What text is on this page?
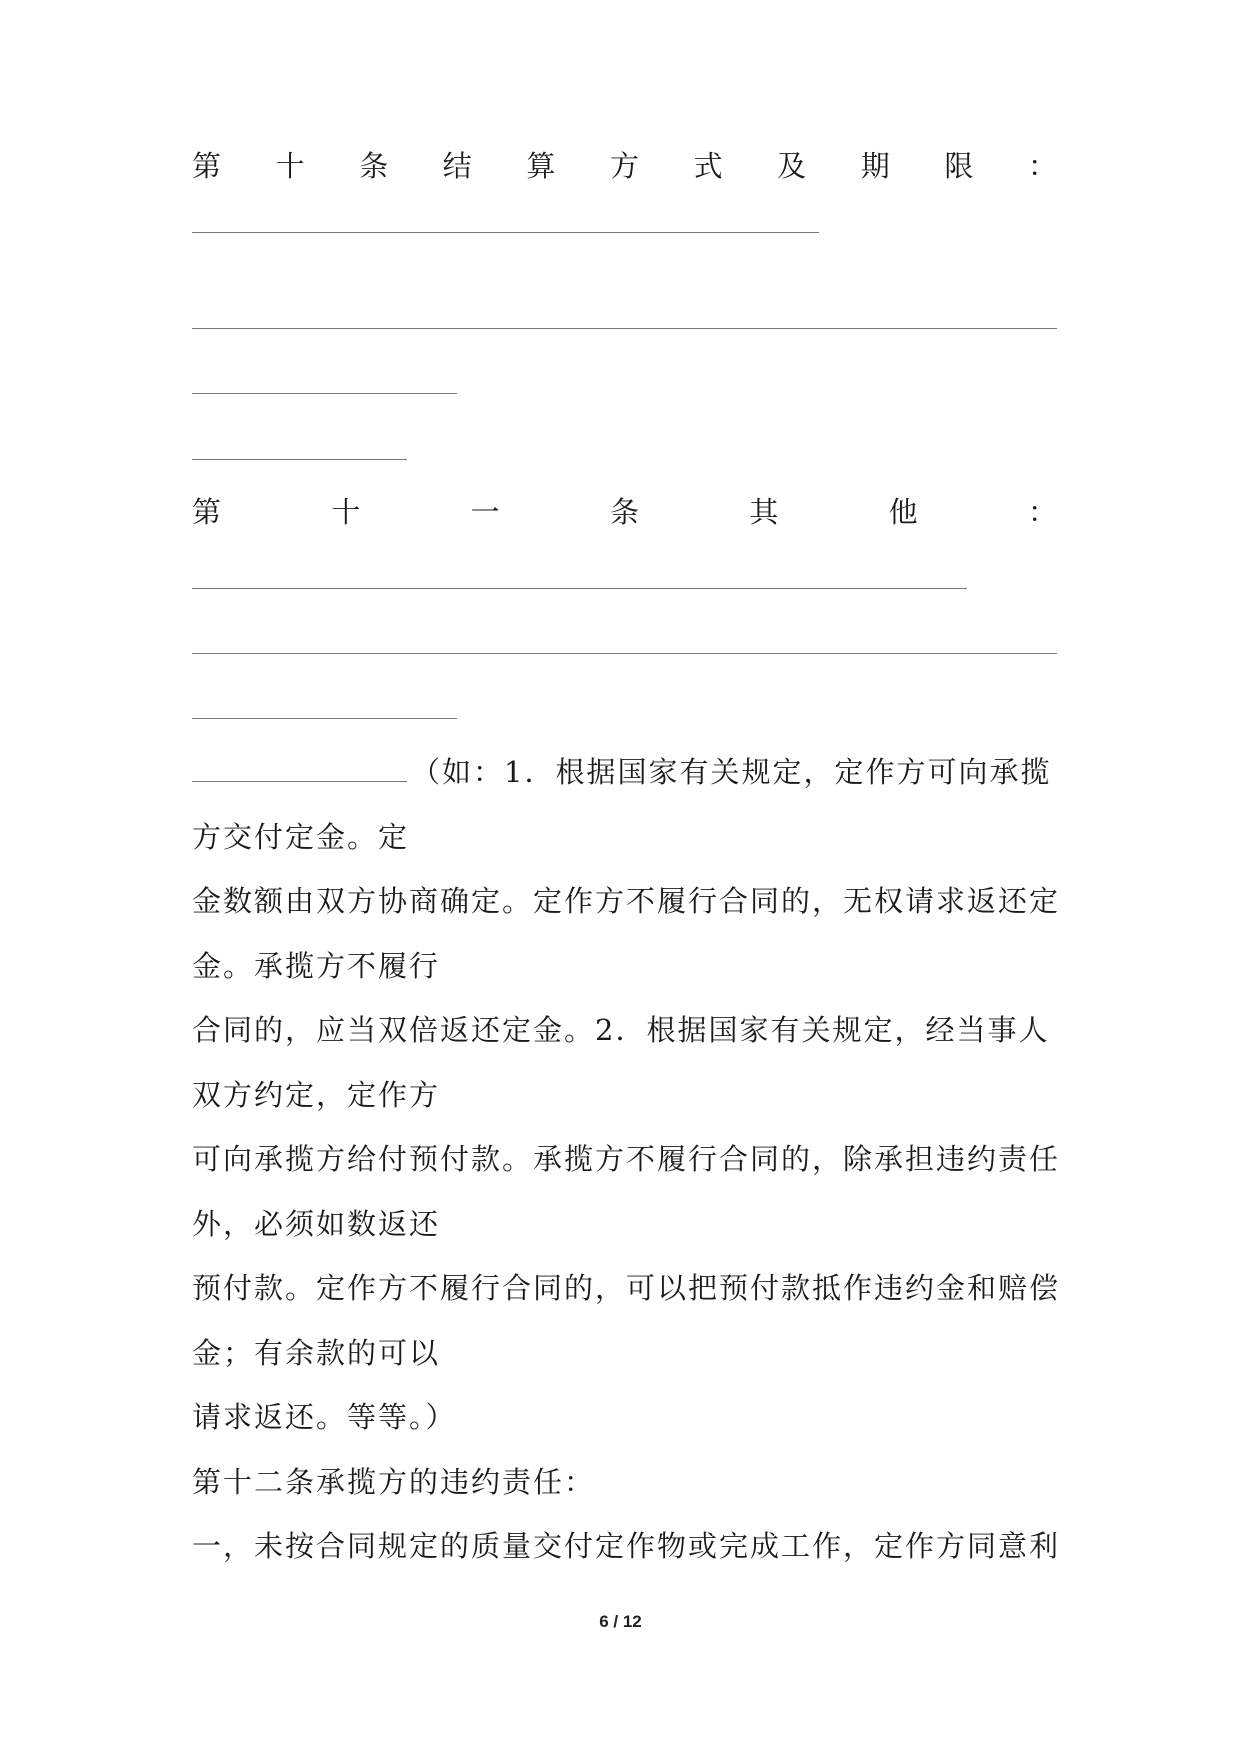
第 十 条 结 算 方 式 及 期 限 ：
第	十	一	条	其	他	：
（如：1．根据国家有关规定，定作方可向承揽
方交付定金。定
金数额由双方协商确定。定作方不履行合同的，无权请求返还定
金。承揽方不履行
合同的，应当双倍返还定金。2．根据国家有关规定，经当事人
双方约定，定作方
可向承揽方给付预付款。承揽方不履行合同的，除承担违约责任
外，必须如数返还
预付款。定作方不履行合同的，可以把预付款抵作违约金和赔偿
金；有余款的可以
请求返还。等等。）
第十二条承揽方的违约责任：
一，未按合同规定的质量交付定作物或完成工作，定作方同意利
6 / 12
